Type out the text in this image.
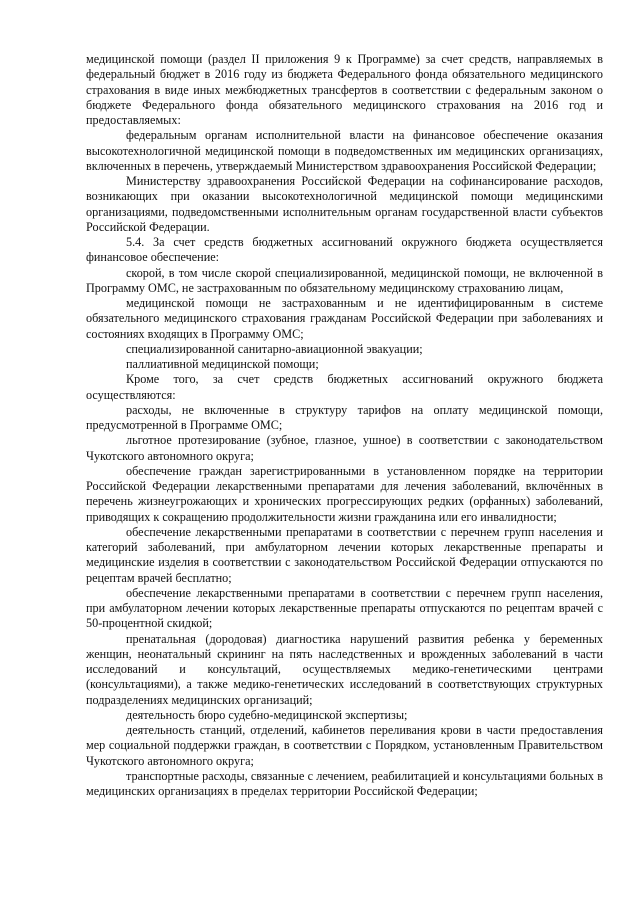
медицинской помощи (раздел II приложения 9 к Программе) за счет средств, направляемых в федеральный бюджет в 2016 году из бюджета Федерального фонда обязательного медицинского страхования в виде иных межбюджетных трансфертов в соответствии с федеральным законом о бюджете Федерального фонда обязательного медицинского страхования на 2016 год и предоставляемых:

федеральным органам исполнительной власти на финансовое обеспечение оказания высокотехнологичной медицинской помощи в подведомственных им медицинских организациях, включенных в перечень, утверждаемый Министерством здравоохранения Российской Федерации;

Министерству здравоохранения Российской Федерации на софинансирование расходов, возникающих при оказании высокотехнологичной медицинской помощи медицинскими организациями, подведомственными исполнительным органам государственной власти субъектов Российской Федерации.

5.4. За счет средств бюджетных ассигнований окружного бюджета осуществляется финансовое обеспечение:

скорой, в том числе скорой специализированной, медицинской помощи, не включенной в Программу ОМС, не застрахованным по обязательному медицинскому страхованию лицам,

медицинской помощи не застрахованным и не идентифицированным в системе обязательного медицинского страхования гражданам Российской Федерации при заболеваниях и состояниях входящих в Программу ОМС;

специализированной санитарно-авиационной эвакуации;

паллиативной медицинской помощи;

Кроме того, за счет средств бюджетных ассигнований окружного бюджета осуществляются:

расходы, не включенные в структуру тарифов на оплату медицинской помощи, предусмотренной в Программе ОМС;

льготное протезирование (зубное, глазное, ушное) в соответствии с законодательством Чукотского автономного округа;

обеспечение граждан зарегистрированными в установленном порядке на территории Российской Федерации лекарственными препаратами для лечения заболеваний, включённых в перечень жизнеугрожающих и хронических прогрессирующих редких (орфанных) заболеваний, приводящих к сокращению продолжительности жизни гражданина или его инвалидности;

обеспечение лекарственными препаратами в соответствии с перечнем групп населения и категорий заболеваний, при амбулаторном лечении которых лекарственные препараты и медицинские изделия в соответствии с законодательством Российской Федерации отпускаются по рецептам врачей бесплатно;

обеспечение лекарственными препаратами в соответствии с перечнем групп населения, при амбулаторном лечении которых лекарственные препараты отпускаются по рецептам врачей с 50-процентной скидкой;

пренатальная (дородовая) диагностика нарушений развития ребенка у беременных женщин, неонатальный скрининг на пять наследственных и врожденных заболеваний в части исследований и консультаций, осуществляемых медико-генетическими центрами (консультациями), а также медико-генетических исследований в соответствующих структурных подразделениях медицинских организаций;

деятельность бюро судебно-медицинской экспертизы;

деятельность станций, отделений, кабинетов переливания крови в части предоставления мер социальной поддержки граждан, в соответствии с Порядком, установленным Правительством Чукотского автономного округа;

транспортные расходы, связанные с лечением, реабилитацией и консультациями больных в медицинских организациях в пределах территории Российской Федерации;
